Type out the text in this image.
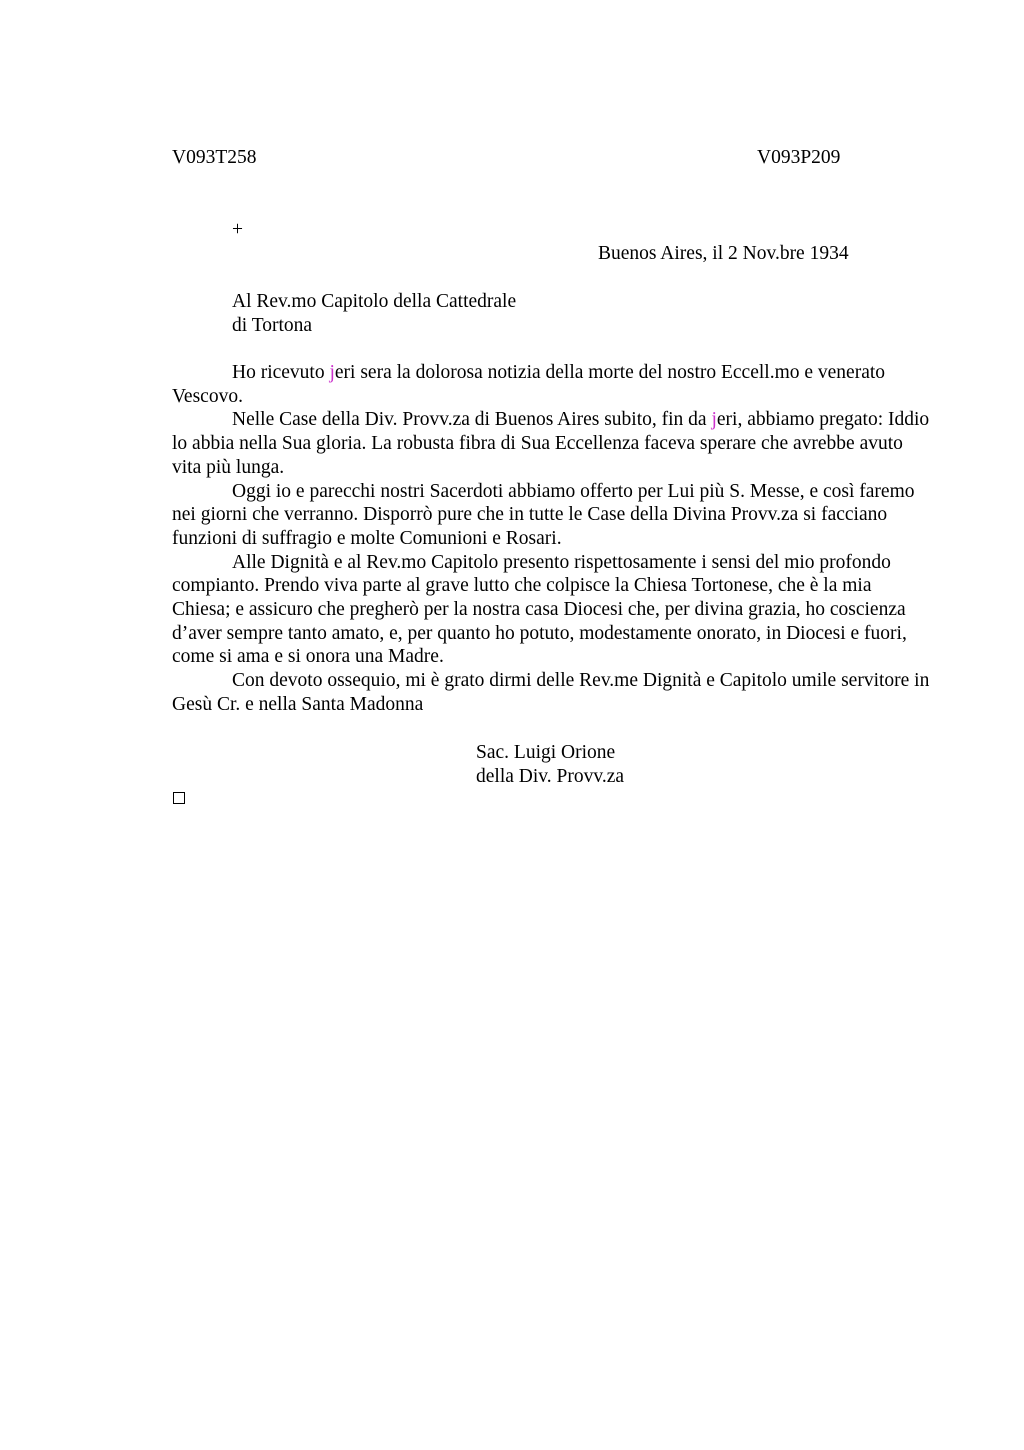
V093T258	V093P209
+
Buenos Aires, il 2 Nov.bre 1934
Al Rev.mo Capitolo della Cattedrale
di Tortona

Ho ricevuto jeri sera la dolorosa notizia della morte del nostro Eccell.mo e venerato Vescovo.

Nelle Case della Div. Provv.za di Buenos Aires subito, fin da jeri, abbiamo pregato: Iddio lo abbia nella Sua gloria. La robusta fibra di Sua Eccellenza faceva sperare che avrebbe avuto vita più lunga.

Oggi io e parecchi nostri Sacerdoti abbiamo offerto per Lui più S. Messe, e così faremo nei giorni che verranno. Disporrò pure che in tutte le Case della Divina Provv.za si facciano funzioni di suffragio e molte Comunioni e Rosari.

Alle Dignità e al Rev.mo Capitolo presento rispettosamente i sensi del mio profondo compianto. Prendo viva parte al grave lutto che colpisce la Chiesa Tortonese, che è la mia Chiesa; e assicuro che pregherò per la nostra casa Diocesi che, per divina grazia, ho coscienza d’aver sempre tanto amato, e, per quanto ho potuto, modestamente onorato, in Diocesi e fuori, come si ama e si onora una Madre.

Con devoto ossequio, mi è grato dirmi delle Rev.me Dignità e Capitolo umile servitore in Gesù Cr. e nella Santa Madonna

Sac. Luigi Orione
della Div. Provv.za
